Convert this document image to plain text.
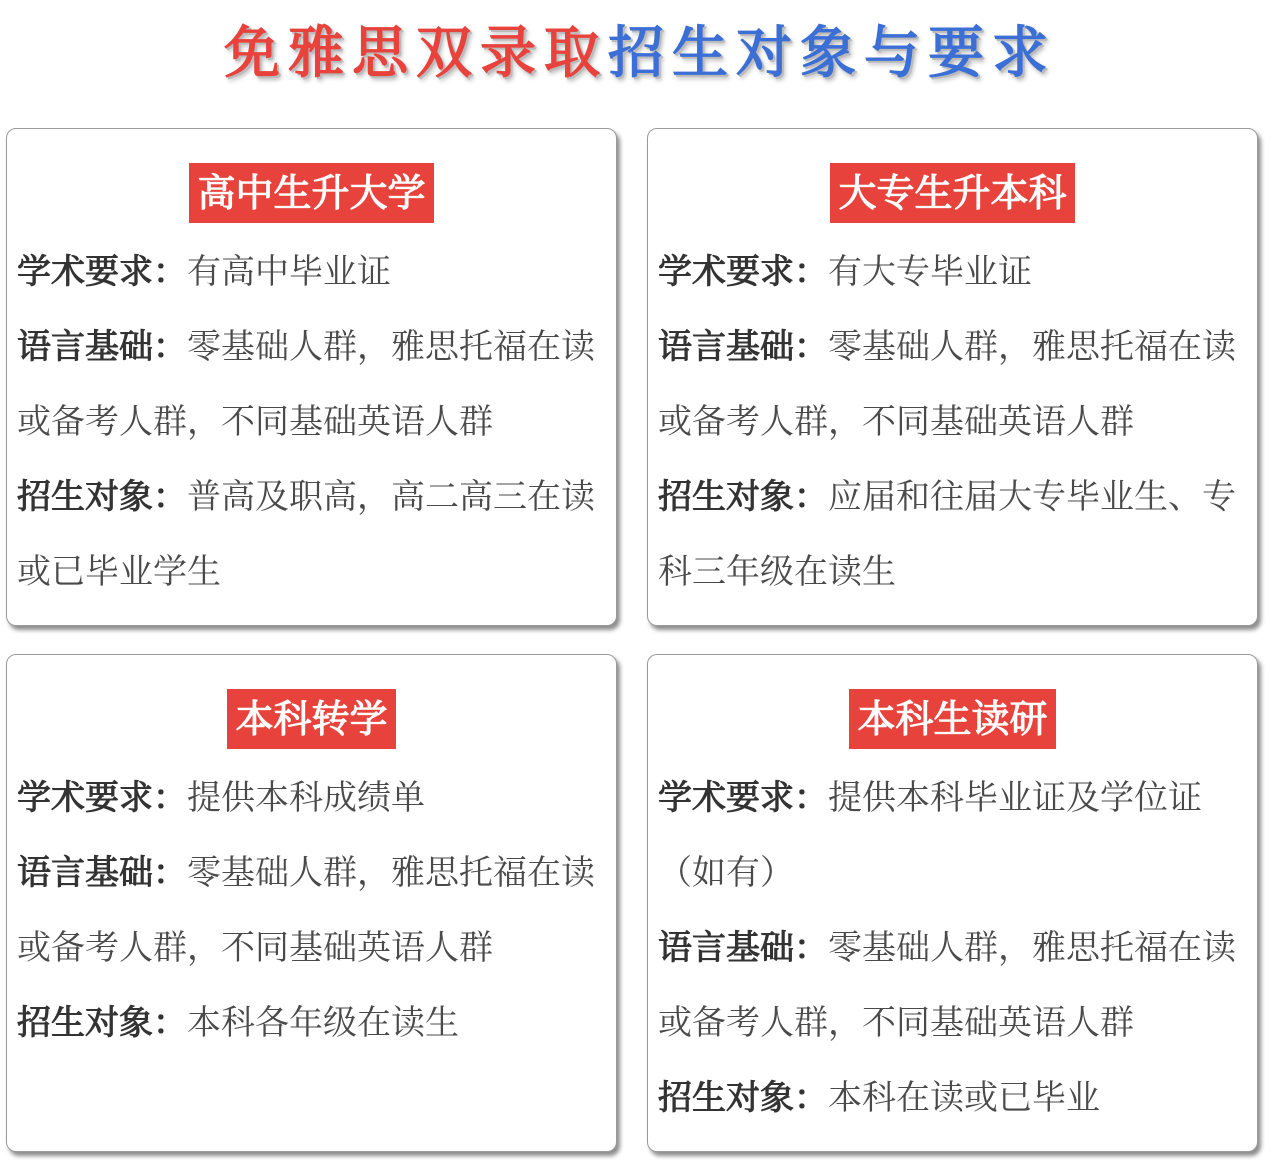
免雅思双录取招生对象与要求
高中生升大学
学术要求：有高中毕业证
语言基础：零基础人群，雅思托福在读或备考人群，不同基础英语人群
招生对象：普高及职高，高二高三在读或已毕业学生
大专生升本科
学术要求：有大专毕业证
语言基础：零基础人群，雅思托福在读或备考人群，不同基础英语人群
招生对象：应届和往届大专毕业生、专科三年级在读生
本科转学
学术要求：提供本科成绩单
语言基础：零基础人群，雅思托福在读或备考人群，不同基础英语人群
招生对象：本科各年级在读生
本科生读研
学术要求：提供本科毕业证及学位证（如有）
语言基础：零基础人群，雅思托福在读或备考人群，不同基础英语人群
招生对象：本科在读或已毕业
